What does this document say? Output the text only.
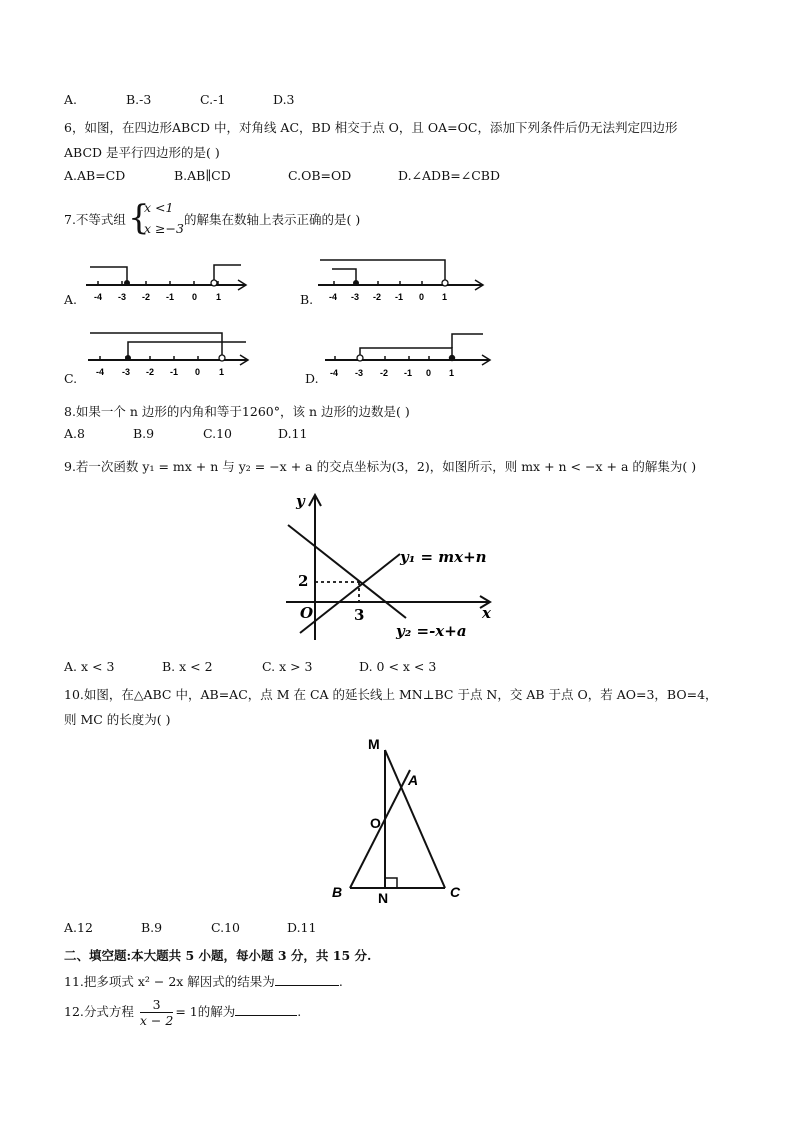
A.	B.-3	C.-1	D.3
6，如图，在四边形ABCD 中，对角线 AC，BD 相交于点 O，且 OA=OC，添加下列条件后仍无法判定四边形
ABCD 是平行四边形的是( )
A.AB=CD	B.AB∥CD	C.OB=OD	D.∠ADB=∠CBD
7.不等式组 {
x <1
x ≥−3
的解集在数轴上表示正确的是( )
A.	B.
C.	D.
-4 -3 -2 -1 0 1	-4 -3 -2 -1 0 1
-4 -3 -2 -1 0 1	-4 -3 -2 -1 0 1
8.如果一个 n 边形的内角和等于1260°，该 n 边形的边数是( )
A.8	B.9	C.10	D.11
9.若一次函数 y₁ = mx + n 与 y₂ = −x + a 的交点坐标为(3，2)，如图所示，则 mx + n < −x + a 的解集为( )
y
x
O
2
3
y₁ = mx+n
y₂ =-x+a
A. x < 3	B. x < 2	C. x > 3	D. 0 < x < 3
10.如图，在△ABC 中，AB=AC，点 M 在 CA 的延长线上 MN⊥BC 于点 N，交 AB 于点 O，若 AO=3，BO=4，
则 MC 的长度为( )
M
A
O
B	N	C
A.12	B.9	C.10	D.11
二、填空题:本大题共 5 小题，每小题 3 分，共 15 分.
11.把多项式 x² − 2x 解因式的结果为	.
12.分式方程 $\frac{3}{x - 2} = 1$的解为	.
